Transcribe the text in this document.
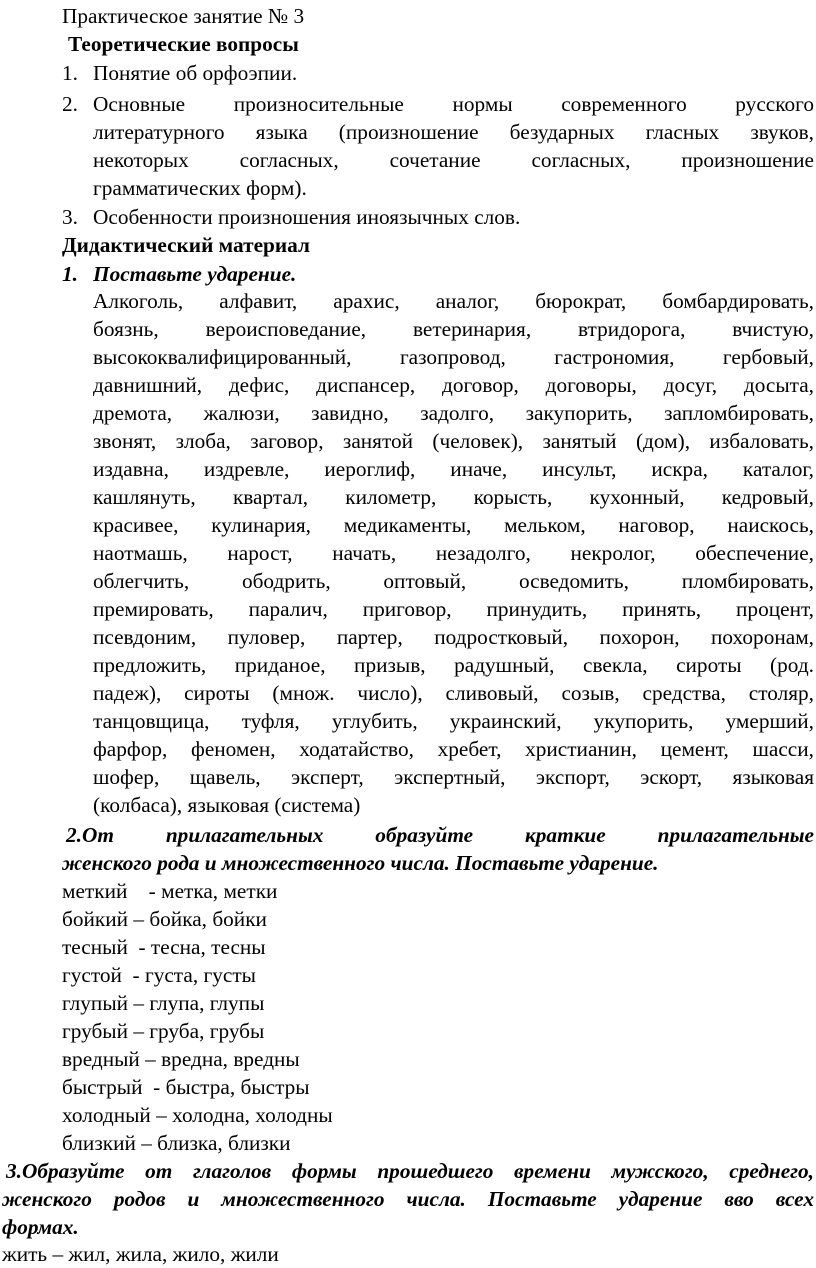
Практическое занятие № 3
Теоретические вопросы
1. Понятие об орфоэпии.
2. Основные произносительные нормы современного русского
литературного языка (произношение безударных гласных звуков,
некоторых согласных, сочетание согласных, произношение
грамматических форм).
3. Особенности произношения иноязычных слов.
Дидактический материал
1. Поставьте ударение.
Алкоголь, алфавит, арахис, аналог, бюрократ, бомбардировать,
боязнь, вероисповедание, ветеринария, втридорога, вчистую,
высококвалифицированный, газопровод, гастрономия, гербовый,
давнишний, дефис, диспансер, договор, договоры, досуг, досыта,
дремота, жалюзи, завидно, задолго, закупорить, запломбировать,
звонят, злоба, заговор, занятой (человек), занятый (дом), избаловать,
издавна, издревле, иероглиф, иначе, инсульт, искра, каталог,
кашлянуть, квартал, километр, корысть, кухонный, кедровый,
красивее, кулинария, медикаменты, мельком, наговор, наискось,
наотмашь, нарост, начать, незадолго, некролог, обеспечение,
облегчить, ободрить, оптовый, осведомить, пломбировать,
премировать, паралич, приговор, принудить, принять, процент,
псевдоним, пуловер, партер, подростковый, похорон, похоронам,
предложить, приданое, призыв, радушный, свекла, сироты (род.
падеж), сироты (множ. число), сливовый, созыв, средства, столяр,
танцовщица, туфля, углубить, украинский, укупорить, умерший,
фарфор, феномен, ходатайство, хребет, христианин, цемент, шасси,
шофер, щавель, эксперт, экспертный, экспорт, эскорт, языковая
(колбаса), языковая (система)
2.От прилагательных образуйте краткие прилагательные
женского рода и множественного числа. Поставьте ударение.
меткий    - метка, метки
бойкий – бойка, бойки
тесный  - тесна, тесны
густой  - густа, густы
глупый – глупа, глупы
грубый – груба, грубы
вредный – вредна, вредны
быстрый  - быстра, быстры
холодный – холодна, холодны
близкий – близка, близки
3.Образуйте от глаголов формы прошедшего времени мужского, среднего,
женского родов и множественного числа. Поставьте ударение вво всех
формах.
жить – жил, жила, жило, жили
